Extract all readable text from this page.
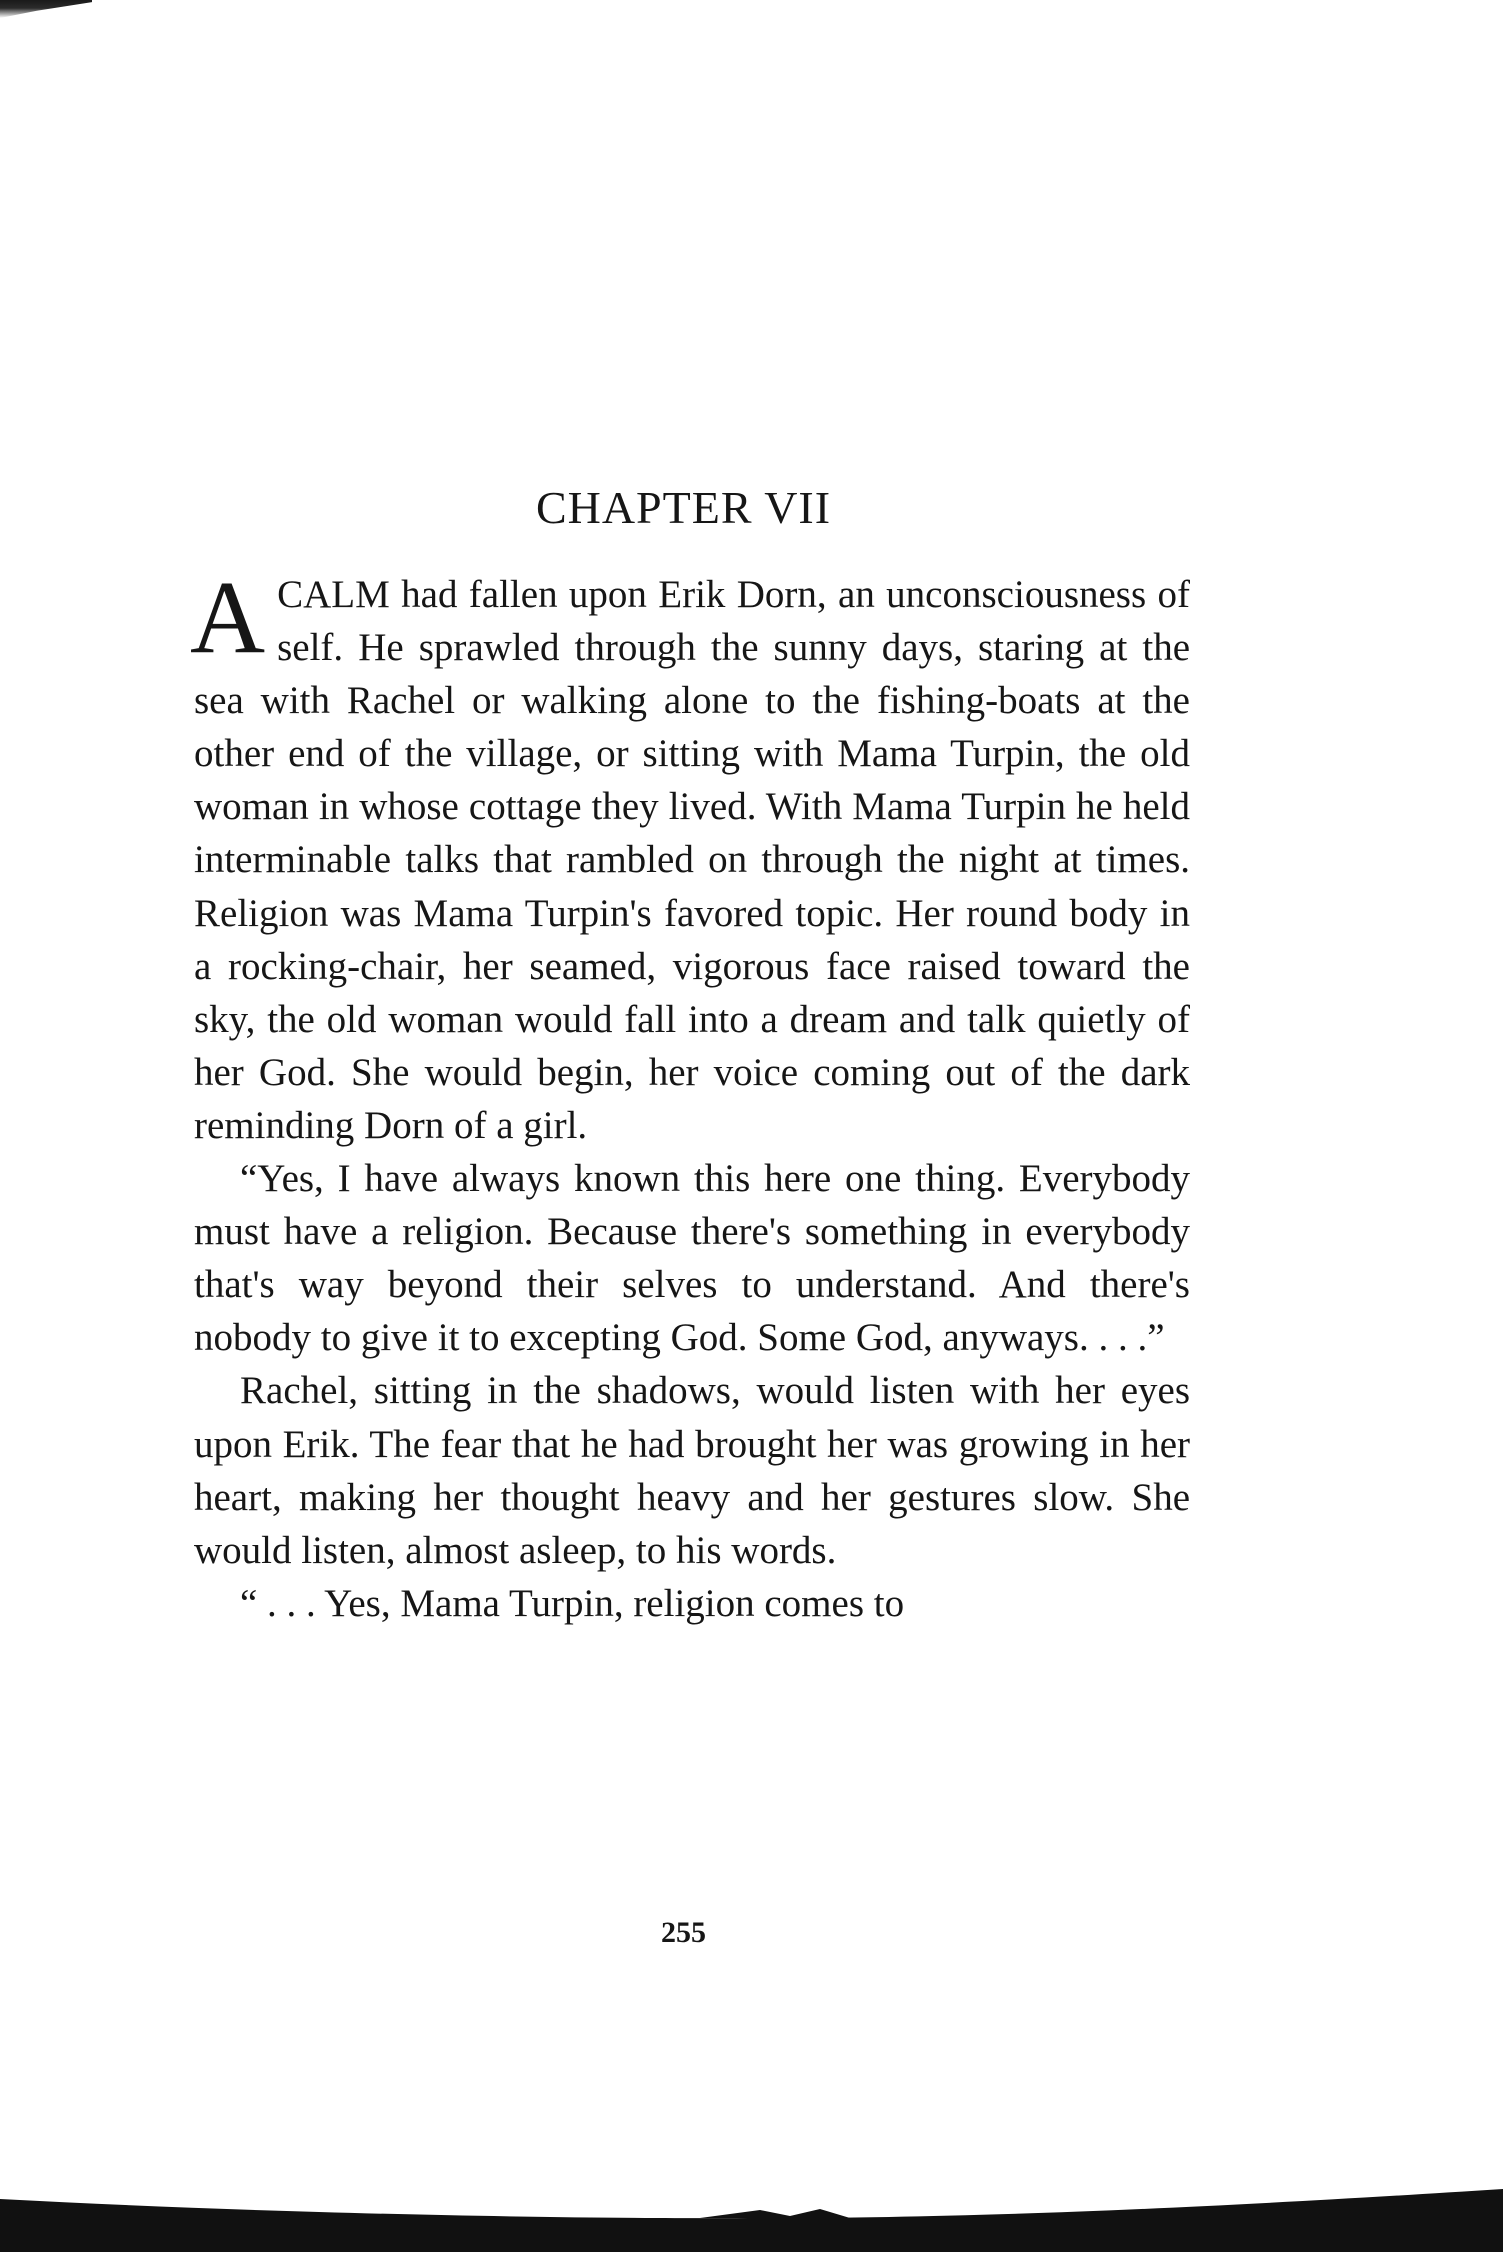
CHAPTER VII

ACALM had fallen upon Erik Dorn, an unconsciousness of self. He sprawled through the sunny days, staring at the sea with Rachel or walking alone to the fishing-boats at the other end of the village, or sitting with Mama Turpin, the old woman in whose cottage they lived. With Mama Turpin he held interminable talks that rambled on through the night at times. Religion was Mama Turpin's favored topic. Her round body in a rocking-chair, her seamed, vigorous face raised toward the sky, the old woman would fall into a dream and talk quietly of her God. She would begin, her voice coming out of the dark reminding Dorn of a girl.

“Yes, I have always known this here one thing. Everybody must have a religion. Because there's something in everybody that's way beyond their selves to understand. And there's nobody to give it to excepting God. Some God, anyways. . . .”

Rachel, sitting in the shadows, would listen with her eyes upon Erik. The fear that he had brought her was growing in her heart, making her thought heavy and her gestures slow. She would listen, almost asleep, to his words.

“ . . . Yes, Mama Turpin, religion comes to

255
